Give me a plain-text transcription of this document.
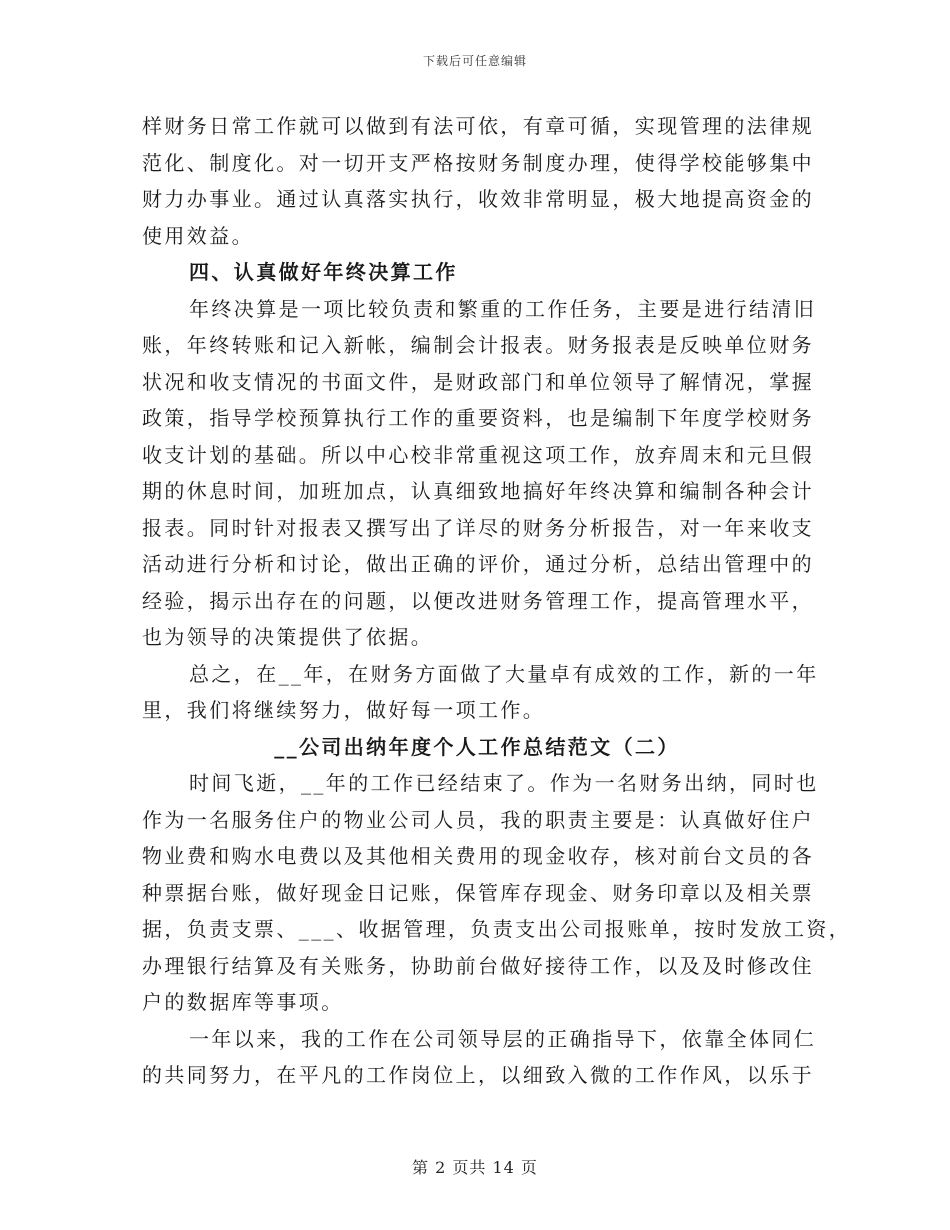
下载后可任意编辑
样财务日常工作就可以做到有法可依，有章可循，实现管理的法律规
范化、制度化。对一切开支严格按财务制度办理，使得学校能够集中
财力办事业。通过认真落实执行，收效非常明显，极大地提高资金的
使用效益。
四、认真做好年终决算工作
年终决算是一项比较负责和繁重的工作任务，主要是进行结清旧
账，年终转账和记入新帐，编制会计报表。财务报表是反映单位财务
状况和收支情况的书面文件，是财政部门和单位领导了解情况，掌握
政策，指导学校预算执行工作的重要资料，也是编制下年度学校财务
收支计划的基础。所以中心校非常重视这项工作，放弃周末和元旦假
期的休息时间，加班加点，认真细致地搞好年终决算和编制各种会计
报表。同时针对报表又撰写出了详尽的财务分析报告，对一年来收支
活动进行分析和讨论，做出正确的评价，通过分析，总结出管理中的
经验，揭示出存在的问题，以便改进财务管理工作，提高管理水平，
也为领导的决策提供了依据。
总之，在__年，在财务方面做了大量卓有成效的工作，新的一年
里，我们将继续努力，做好每一项工作。
__公司出纳年度个人工作总结范文（二）
时间飞逝，__年的工作已经结束了。作为一名财务出纳，同时也
作为一名服务住户的物业公司人员，我的职责主要是：认真做好住户
物业费和购水电费以及其他相关费用的现金收存，核对前台文员的各
种票据台账，做好现金日记账，保管库存现金、财务印章以及相关票
据，负责支票、___、收据管理，负责支出公司报账单，按时发放工资，
办理银行结算及有关账务，协助前台做好接待工作，以及及时修改住
户的数据库等事项。
一年以来，我的工作在公司领导层的正确指导下，依靠全体同仁
的共同努力，在平凡的工作岗位上，以细致入微的工作作风，以乐于
第 2 页共 14 页
